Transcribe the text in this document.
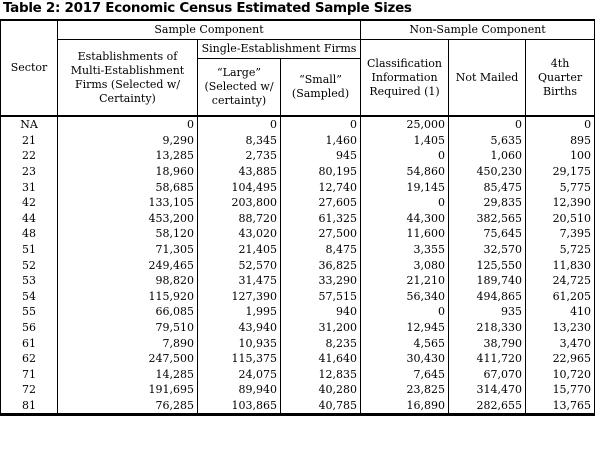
Table 2: 2017 Economic Census Estimated Sample Sizes
Sector	Sample Component			Non-Sample Component		
	Establishments of Multi-Establishment Firms (Selected w/ Certainty)	Single-Establishment Firms		Classification Information Required (1)	Not Mailed	4th Quarter Births
		“Large” (Selected w/ certainty)	“Small” (Sampled)			
NA	0	0	0	25,000	0	0
21	9,290	8,345	1,460	1,405	5,635	895
22	13,285	2,735	945	0	1,060	100
23	18,960	43,885	80,195	54,860	450,230	29,175
31	58,685	104,495	12,740	19,145	85,475	5,775
42	133,105	203,800	27,605	0	29,835	12,390
44	453,200	88,720	61,325	44,300	382,565	20,510
48	58,120	43,020	27,500	11,600	75,645	7,395
51	71,305	21,405	8,475	3,355	32,570	5,725
52	249,465	52,570	36,825	3,080	125,550	11,830
53	98,820	31,475	33,290	21,210	189,740	24,725
54	115,920	127,390	57,515	56,340	494,865	61,205
55	66,085	1,995	940	0	935	410
56	79,510	43,940	31,200	12,945	218,330	13,230
61	7,890	10,935	8,235	4,565	38,790	3,470
62	247,500	115,375	41,640	30,430	411,720	22,965
71	14,285	24,075	12,835	7,645	67,070	10,720
72	191,695	89,940	40,280	23,825	314,470	15,770
81	76,285	103,865	40,785	16,890	282,655	13,765
